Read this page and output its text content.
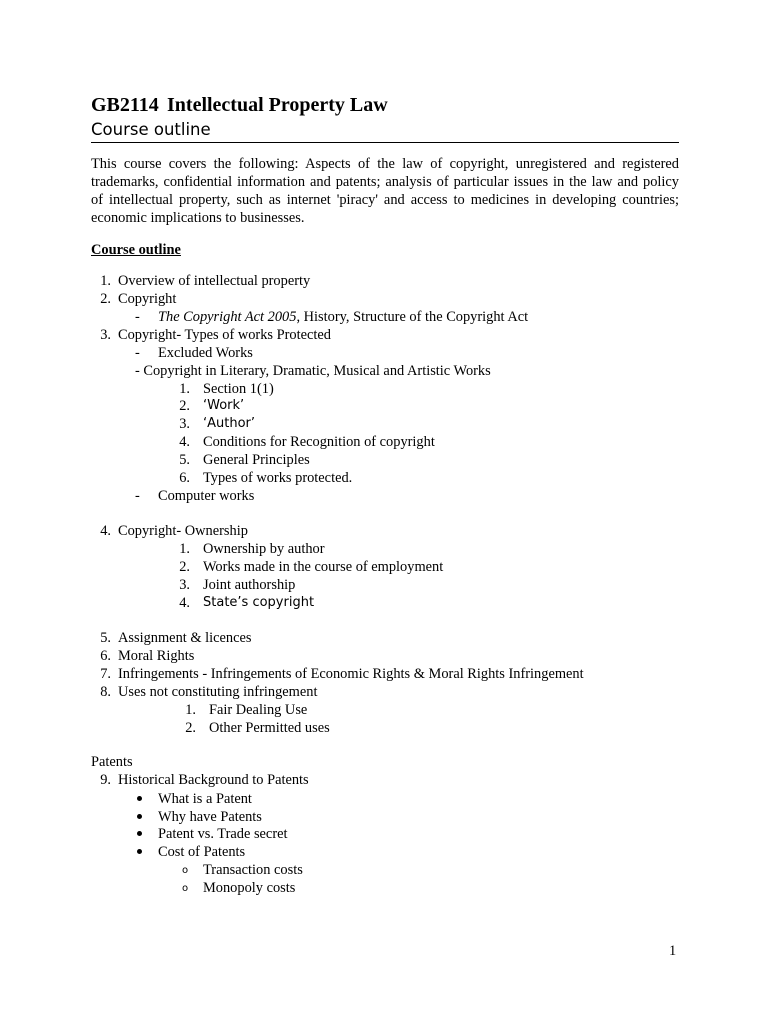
GB2114 Intellectual Property Law
Course outline
This course covers the following: Aspects of the law of copyright, unregistered and registered
trademarks, confidential information and patents; analysis of particular issues in the law and policy
of intellectual property, such as internet 'piracy' and access to medicines in developing countries;
economic implications to businesses.
Course outline
1. Overview of intellectual property
2. Copyright
- The Copyright Act 2005, History, Structure of the Copyright Act
3. Copyright- Types of works Protected
- Excluded Works
- Copyright in Literary, Dramatic, Musical and Artistic Works
1. Section 1(1)
2. ‘Work’
3. ‘Author’
4. Conditions for Recognition of copyright
5. General Principles
6. Types of works protected.
- Computer works
4. Copyright- Ownership
1. Ownership by author
2. Works made in the course of employment
3. Joint authorship
4. State’s copyright
5. Assignment & licences
6. Moral Rights
7. Infringements - Infringements of Economic Rights & Moral Rights Infringement
8. Uses not constituting infringement
1. Fair Dealing Use
2. Other Permitted uses
Patents
9. Historical Background to Patents
What is a Patent
Why have Patents
Patent vs. Trade secret
Cost of Patents
o Transaction costs
o Monopoly costs
1
